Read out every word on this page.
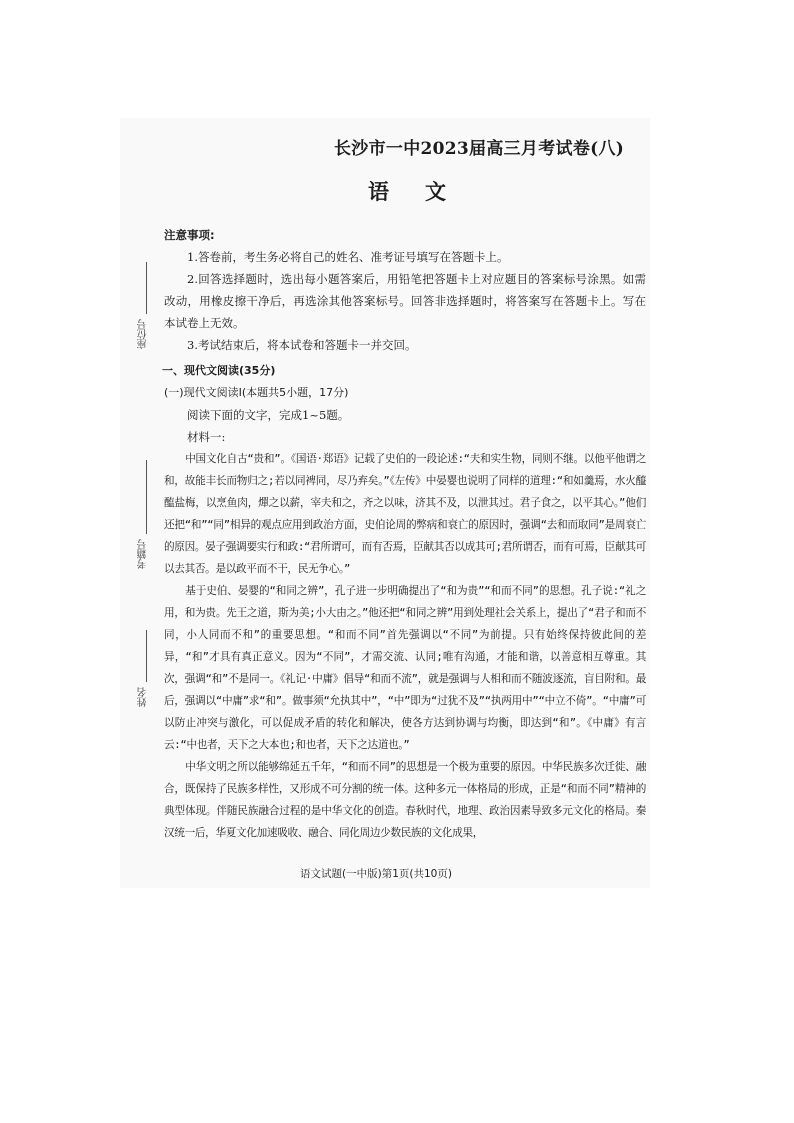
长沙市一中2023届高三月考试卷(八)
语文
座位号
考籍号
姓名
注意事项:

1.答卷前，考生务必将自己的姓名、准考证号填写在答题卡上。

2.回答选择题时，选出每小题答案后，用铅笔把答题卡上对应题目的答案标号涂黑。如需改动，用橡皮擦干净后，再选涂其他答案标号。回答非选择题时，将答案写在答题卡上。写在本试卷上无效。

3.考试结束后，将本试卷和答题卡一并交回。

一、现代文阅读(35分)
(一)现代文阅读Ⅰ(本题共5小题，17分)
阅读下面的文字，完成1~5题。
材料一:

中国文化自古“贵和”。《国语·郑语》记载了史伯的一段论述:“夫和实生物，同则不继。以他平他谓之和，故能丰长而物归之;若以同裨同，尽乃弃矣。”《左传》中晏婴也说明了同样的道理:“和如羹焉，水火醯醢盐梅，以烹鱼肉，燀之以薪，宰夫和之，齐之以味，济其不及，以泄其过。君子食之，以平其心。”他们还把“和”“同”相异的观点应用到政治方面，史伯论周的弊病和衰亡的原因时，强调“去和而取同”是周衰亡的原因。晏子强调要实行和政:“君所谓可，而有否焉，臣献其否以成其可;君所谓否，而有可焉，臣献其可以去其否。是以政平而不干，民无争心。”

基于史伯、晏婴的“和同之辨”，孔子进一步明确提出了“和为贵”“和而不同”的思想。孔子说:“礼之用，和为贵。先王之道，斯为美;小大由之。”他还把“和同之辨”用到处理社会关系上，提出了“君子和而不同，小人同而不和”的重要思想。“和而不同”首先强调以“不同”为前提。只有始终保持彼此间的差异，“和”才具有真正意义。因为“不同”，才需交流、认同;唯有沟通，才能和谐，以善意相互尊重。其次，强调“和”不是同一。《礼记·中庸》倡导“和而不流”，就是强调与人相和而不随波逐流，盲目附和。最后，强调以“中庸”求“和”。做事须“允执其中”，“中”即为“过犹不及”“执两用中”“中立不倚”。“中庸”可以防止冲突与激化，可以促成矛盾的转化和解决，使各方达到协调与均衡，即达到“和”。《中庸》有言云:“中也者，天下之大本也;和也者，天下之达道也。”

中华文明之所以能够绵延五千年，“和而不同”的思想是一个极为重要的原因。中华民族多次迁徙、融合，既保持了民族多样性，又形成不可分割的统一体。这种多元一体格局的形成，正是“和而不同”精神的典型体现。伴随民族融合过程的是中华文化的创造。春秋时代，地理、政治因素导致多元文化的格局。秦汉统一后，华夏文化加速吸收、融合、同化周边少数民族的文化成果，

语文试题(一中版)第1页(共10页)
